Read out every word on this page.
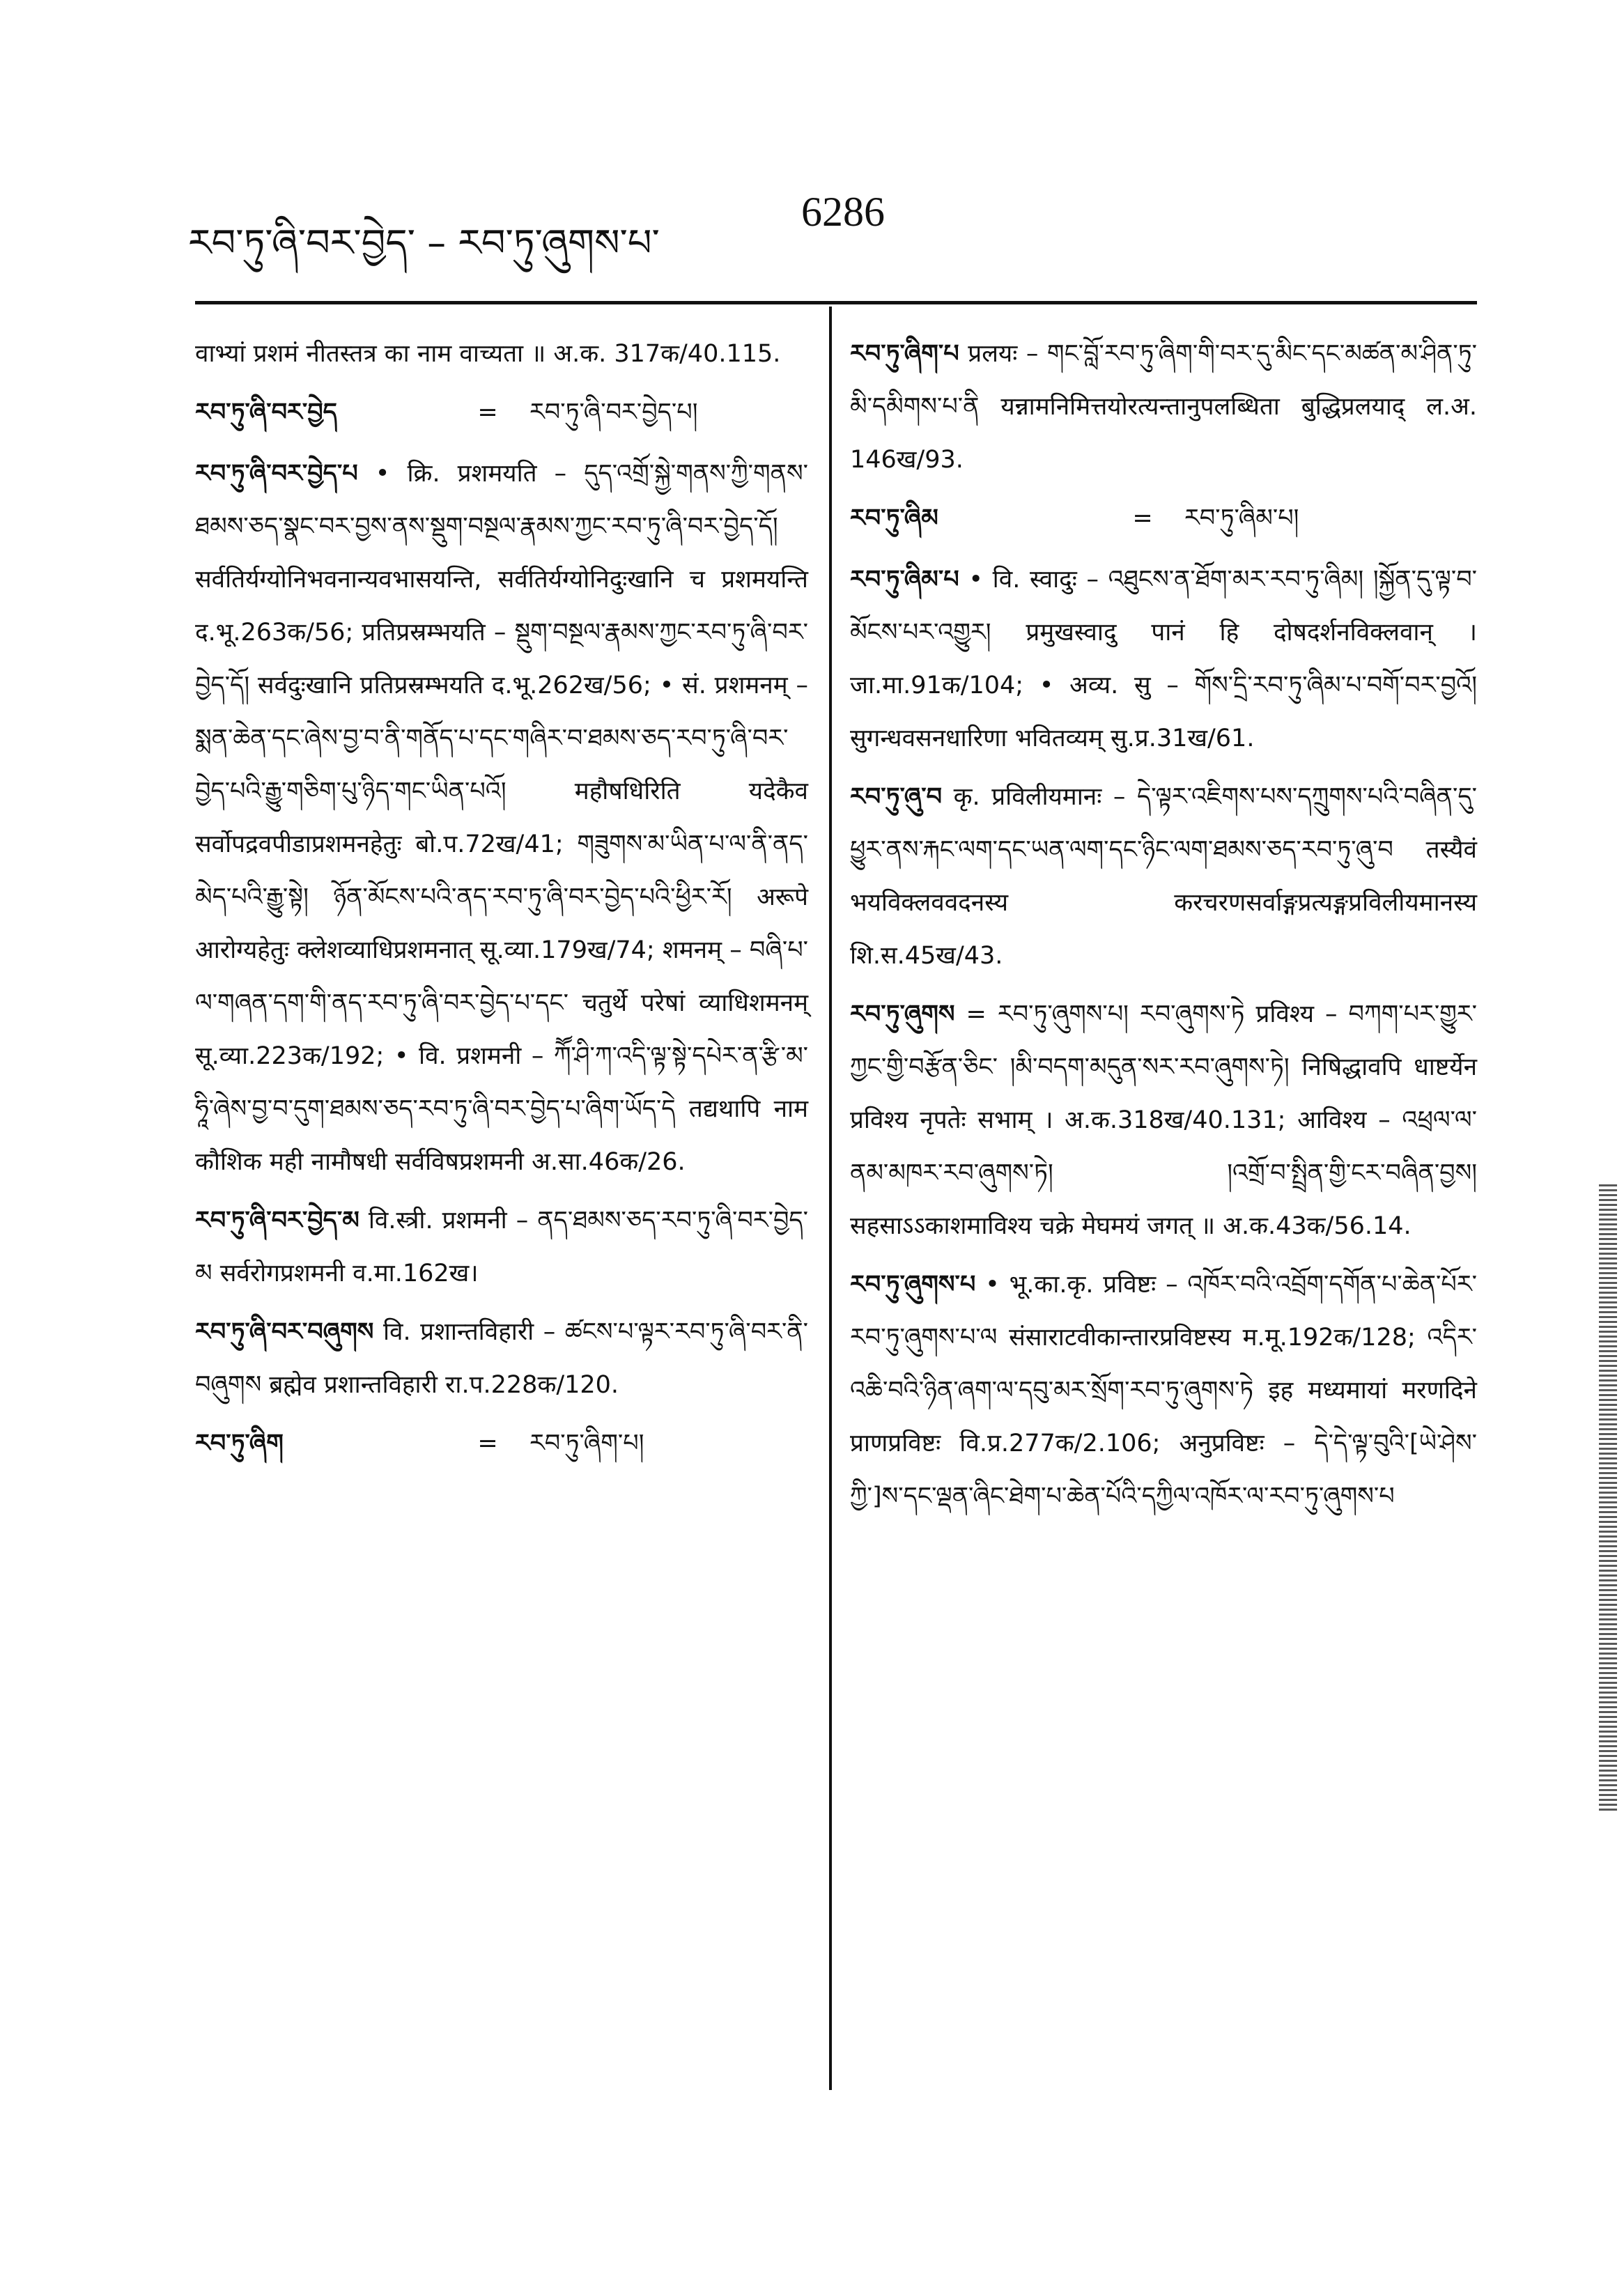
རབ་ཏུ་ཞི་བར་བྱེད་ – རབ་ཏུ་ཞུགས་པ་
6286

वाभ्यां प्रशमं नीतस्तत्र का नाम वाच्यता ॥ अ.क. 317क/40.115.

རབ་ཏུ་ཞི་བར་བྱེད	=	རབ་ཏུ་ཞི་བར་བྱེད་པ།
རབ་ཏུ་ཞི་བར་བྱེད་པ • क्रि. प्रशमयति – དུད་འགྲོ་སྐྱེ་གནས་ཀྱི་གནས་ཐམས་ཅད་སྣང་བར་བྱས་ནས་སྡུག་བསྔལ་རྣམས་ཀྱང་རབ་ཏུ་ཞི་བར་བྱེད་དོ། सर्वतिर्यग्योनिभवनान्यवभासयन्ति, सर्वतिर्यग्योनिदुःखानि च प्रशमयन्ति द.भू.263क/56; प्रतिप्रस्रम्भयति – སྡུག་བསྔལ་རྣམས་ཀྱང་རབ་ཏུ་ཞི་བར་བྱེད་དོ། सर्वदुःखानि प्रतिप्रस्रम्भयति द.भू.262ख/56; • सं. प्रशमनम् – སྨན་ཆེན་དང་ཞེས་བྱ་བ་ནི་གནོད་པ་དང་གཞིར་བ་ཐམས་ཅད་རབ་ཏུ་ཞི་བར་བྱེད་པའི་རྒྱུ་གཅིག་པུ་ཉིད་གང་ཡིན་པའོ། महौषधिरिति यदेकैव सर्वोपद्रवपीडाप्रशमनहेतुः बो.प.72ख/41; གཟུགས་མ་ཡིན་པ་ལ་ནི་ནད་མེད་པའི་རྒྱུ་སྟེ། ཉོན་མོངས་པའི་ནད་རབ་ཏུ་ཞི་བར་བྱེད་པའི་ཕྱིར་རོ། अरूपे आरोग्यहेतुः क्लेशव्याधिप्रशमनात् सू.व्या.179ख/74; शमनम् – བཞི་པ་ལ་གཞན་དག་གི་ནད་རབ་ཏུ་ཞི་བར་བྱེད་པ་དང་ चतुर्थे परेषां व्याधिशमनम् सू.व्या.223क/192; • वि. प्रशमनी – ཀཽ་ཤི་ཀ་འདི་ལྟ་སྟེ་དཔེར་ན་རྩི་མ་ཧཱི་ཞེས་བྱ་བ་དུག་ཐམས་ཅད་རབ་ཏུ་ཞི་བར་བྱེད་པ་ཞིག་ཡོད་དེ तद्यथापि नाम कौशिक मही नामौषधी सर्वविषप्रशमनी अ.सा.46क/26.
རབ་ཏུ་ཞི་བར་བྱེད་མ वि.स्त्री. प्रशमनी – ནད་ཐམས་ཅད་རབ་ཏུ་ཞི་བར་བྱེད་མ सर्वरोगप्रशमनी व.मा.162ख।
རབ་ཏུ་ཞི་བར་བཞུགས वि. प्रशान्तविहारी – ཚངས་པ་ལྟར་རབ་ཏུ་ཞི་བར་ནི་བཞུགས ब्रह्मेव प्रशान्तविहारी रा.प.228क/120.
རབ་ཏུ་ཞིག	=	རབ་ཏུ་ཞིག་པ།
རབ་ཏུ་ཞིག་པ प्रलयः – གང་བློ་རབ་ཏུ་ཞིག་གི་བར་དུ་མིང་དང་མཚན་མ་ཤིན་ཏུ་མི་དམིགས་པ་ནི यन्नामनिमित्तयोरत्यन्तानुपलब्धिता बुद्धिप्रलयाद् ल.अ. 146ख/93.
རབ་ཏུ་ཞིམ	=	རབ་ཏུ་ཞིམ་པ།
རབ་ཏུ་ཞིམ་པ • वि. स्वादुः – འཐུངས་ན་ཐོག་མར་རབ་ཏུ་ཞིམ། །སྐྱོན་དུ་ལྟ་བ་མོངས་པར་འགྱུར། प्रमुखस्वादु पानं हि दोषदर्शनविक्लवान् । जा.मा.91क/104; • अव्य. सु – གོས་དྲི་རབ་ཏུ་ཞིམ་པ་བགོ་བར་བྱའོ། सुगन्धवसनधारिणा भवितव्यम् सु.प्र.31ख/61.
རབ་ཏུ་ཞུ་བ कृ. प्रविलीयमानः – དེ་ལྟར་འཇིགས་པས་དཀྲུགས་པའི་བཞིན་དུ་ཕྱུར་ནས་རྐང་ལག་དང་ཡན་ལག་དང་ཉིང་ལག་ཐམས་ཅད་རབ་ཏུ་ཞུ་བ तस्यैवं भयविक्लववदनस्य करचरणसर्वाङ्गप्रत्यङ्गप्रविलीयमानस्य शि.स.45ख/43.
རབ་ཏུ་ཞུགས = རབ་ཏུ་ཞུགས་པ། རབ་ཞུགས་ཏེ प्रविश्य – བཀག་པར་གྱུར་ཀྱང་གྱི་བརྩོན་ཅིང་ །མི་བདག་མདུན་སར་རབ་ཞུགས་ཏེ། निषिद्धावपि धाष्टर्येन प्रविश्य नृपतेः सभाम् । अ.क.318ख/40.131; आविश्य – འཕྲལ་ལ་ནམ་མཁར་རབ་ཞུགས་ཏེ། །འགྲོ་བ་སྤྲིན་གྱི་ངར་བཞིན་བྱས། सहसाऽऽकाशमाविश्य चक्रे मेघमयं जगत् ॥ अ.क.43क/56.14.
རབ་ཏུ་ཞུགས་པ • भू.का.कृ. प्रविष्टः – འཁོར་བའི་འབྲོག་དགོན་པ་ཆེན་པོར་རབ་ཏུ་ཞུགས་པ་ལ संसाराटवीकान्तारप्रविष्टस्य म.मू.192क/128; འདིར་འཆི་བའི་ཉིན་ཞག་ལ་དབུ་མར་སྲོག་རབ་ཏུ་ཞུགས་ཏེ इह मध्यमायां मरणदिने प्राणप्रविष्टः वि.प्र.277क/2.106; अनुप्रविष्टः – དེ་དེ་ལྟ་བུའི་[ཡེ་ཤེས་ཀྱི་]ས་དང་ལྡན་ཞིང་ཐེག་པ་ཆེན་པོའི་དཀྱིལ་འཁོར་ལ་རབ་ཏུ་ཞུགས་པ
